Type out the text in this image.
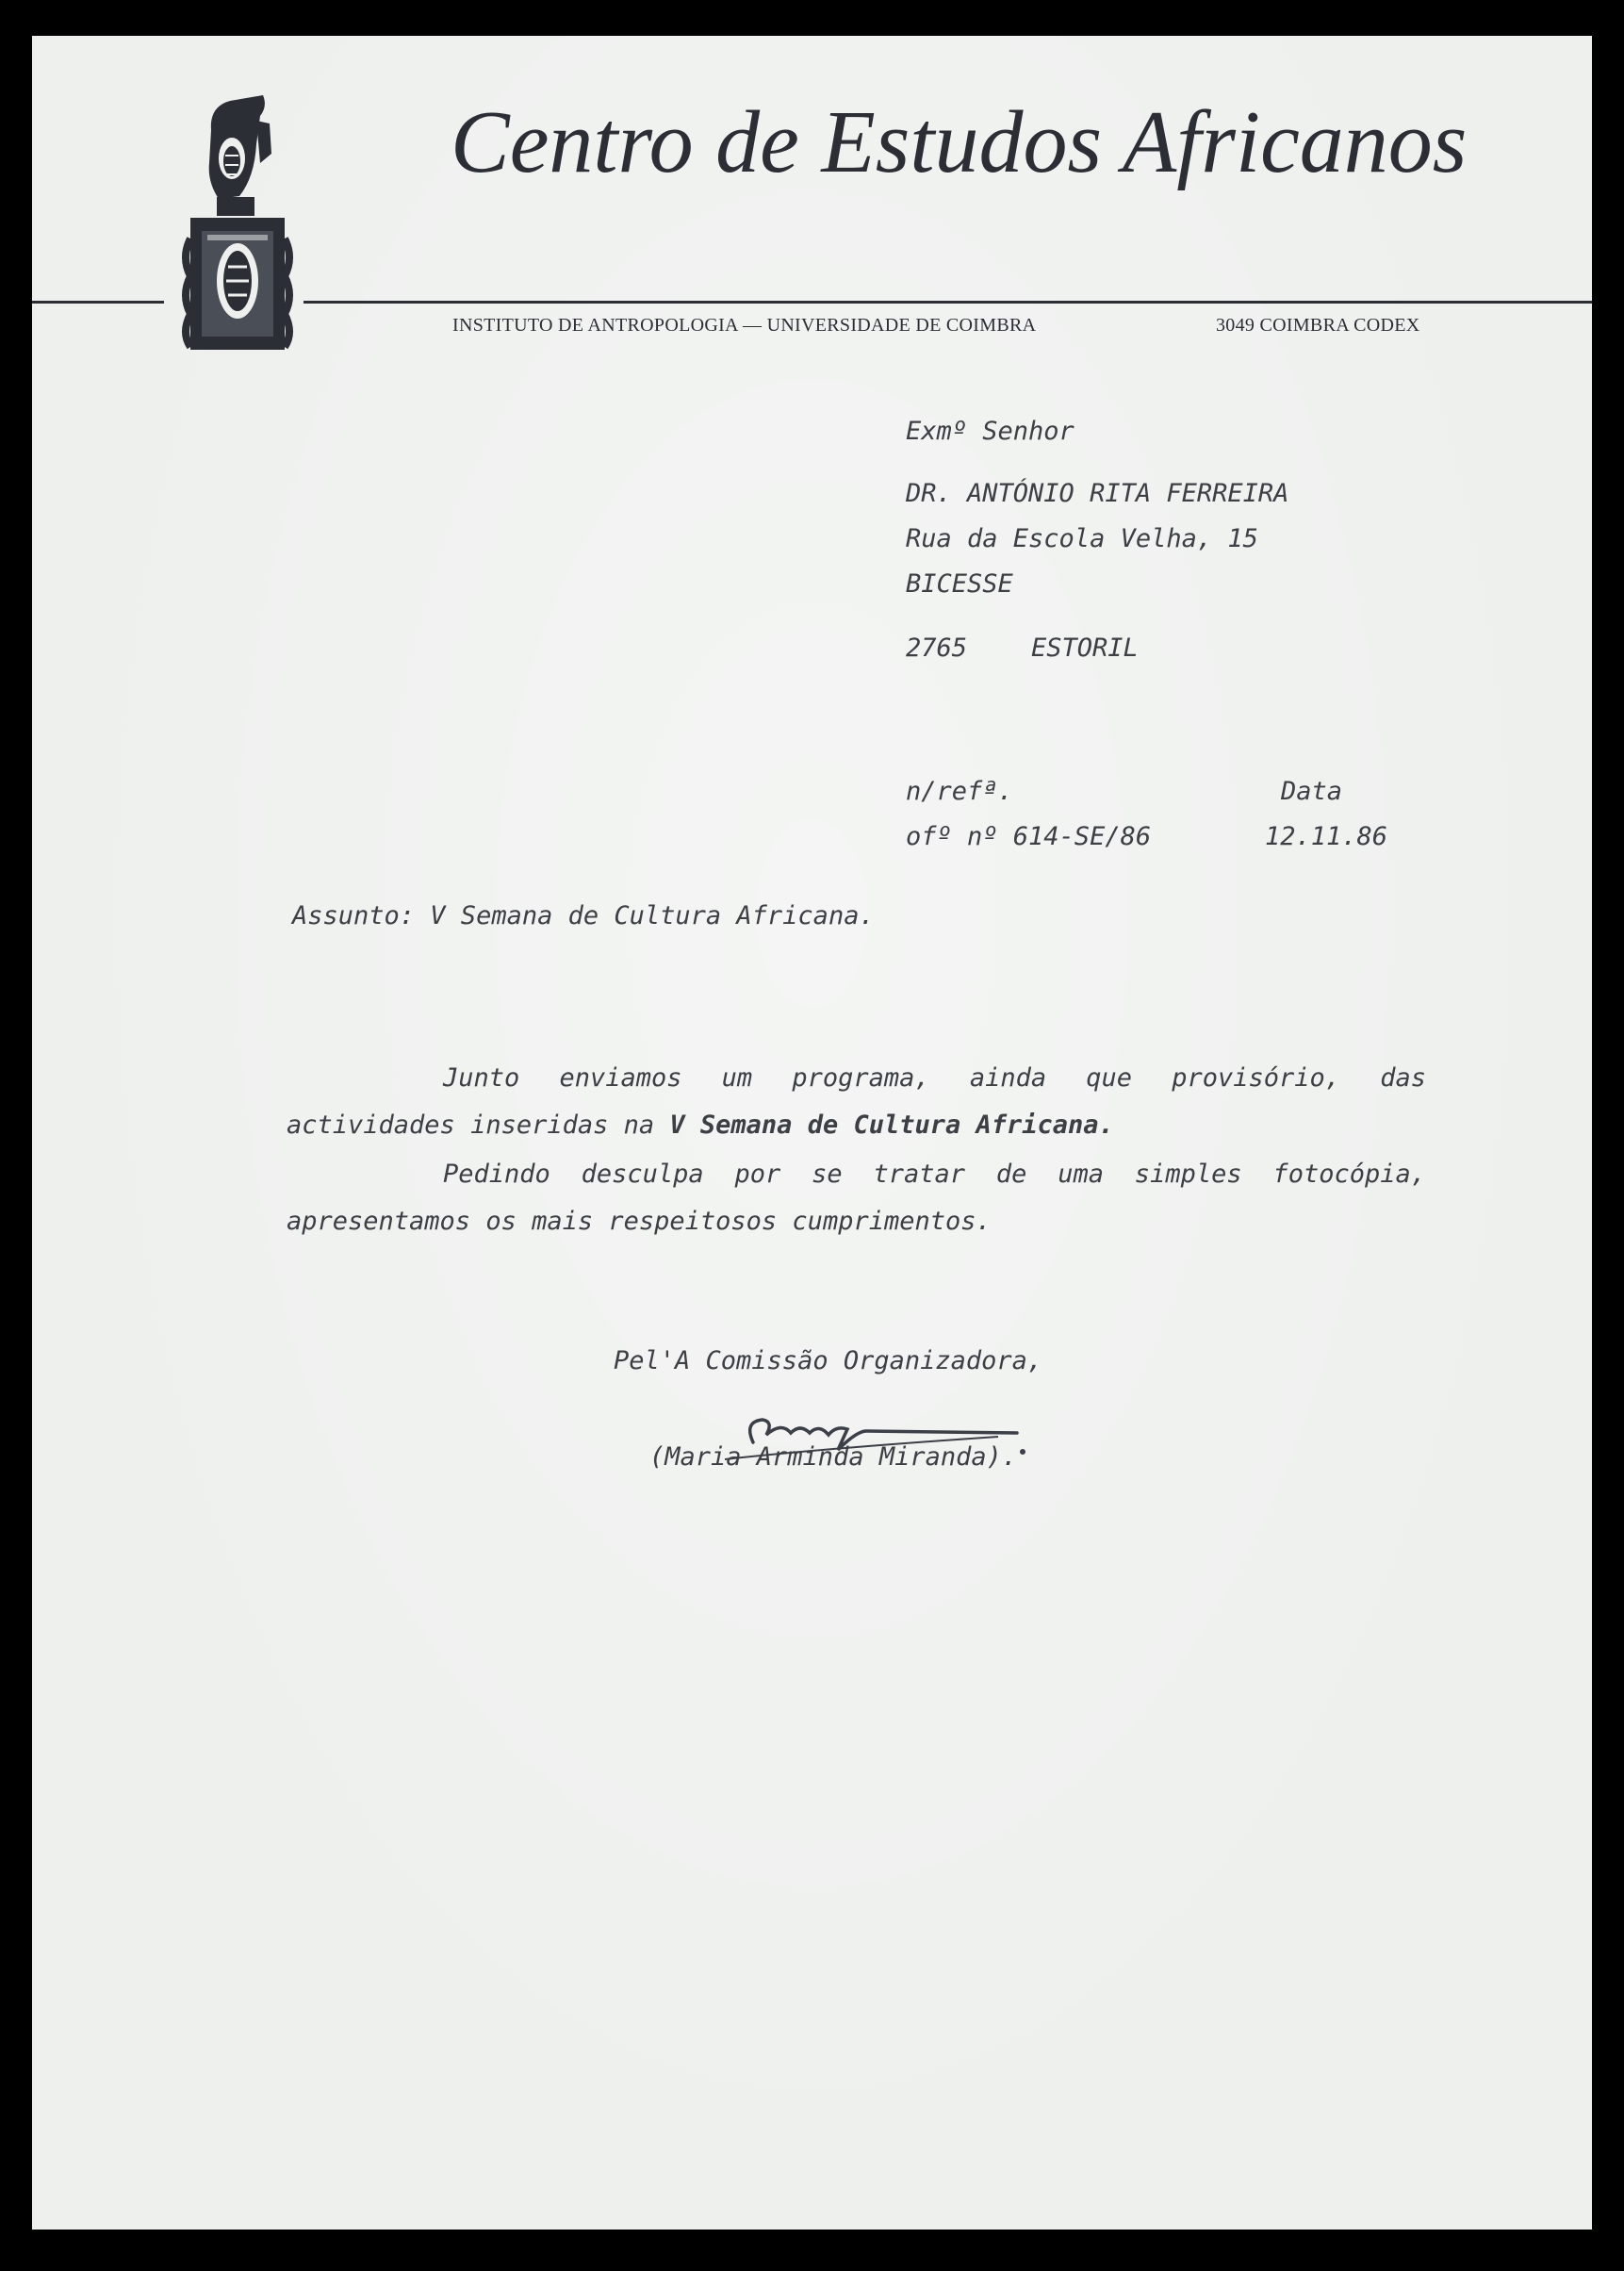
Centro de Estudos Africanos
INSTITUTO DE ANTROPOLOGIA — UNIVERSIDADE DE COIMBRA	3049 COIMBRA CODEX
Exmº Senhor
DR. ANTÓNIO RITA FERREIRA
Rua da Escola Velha, 15
BICESSE
2765	ESTORIL
n/refª.	Data
ofº nº 614-SE/86	12.11.86
Assunto: V Semana de Cultura Africana.
Junto enviamos um programa, ainda que provisório, das
actividades inseridas na V Semana de Cultura Africana.
Pedindo desculpa por se tratar de uma simples fotocópia,
apresentamos os mais respeitosos cumprimentos.
Pel'A Comissão Organizadora,
(Maria Arminda Miranda).
